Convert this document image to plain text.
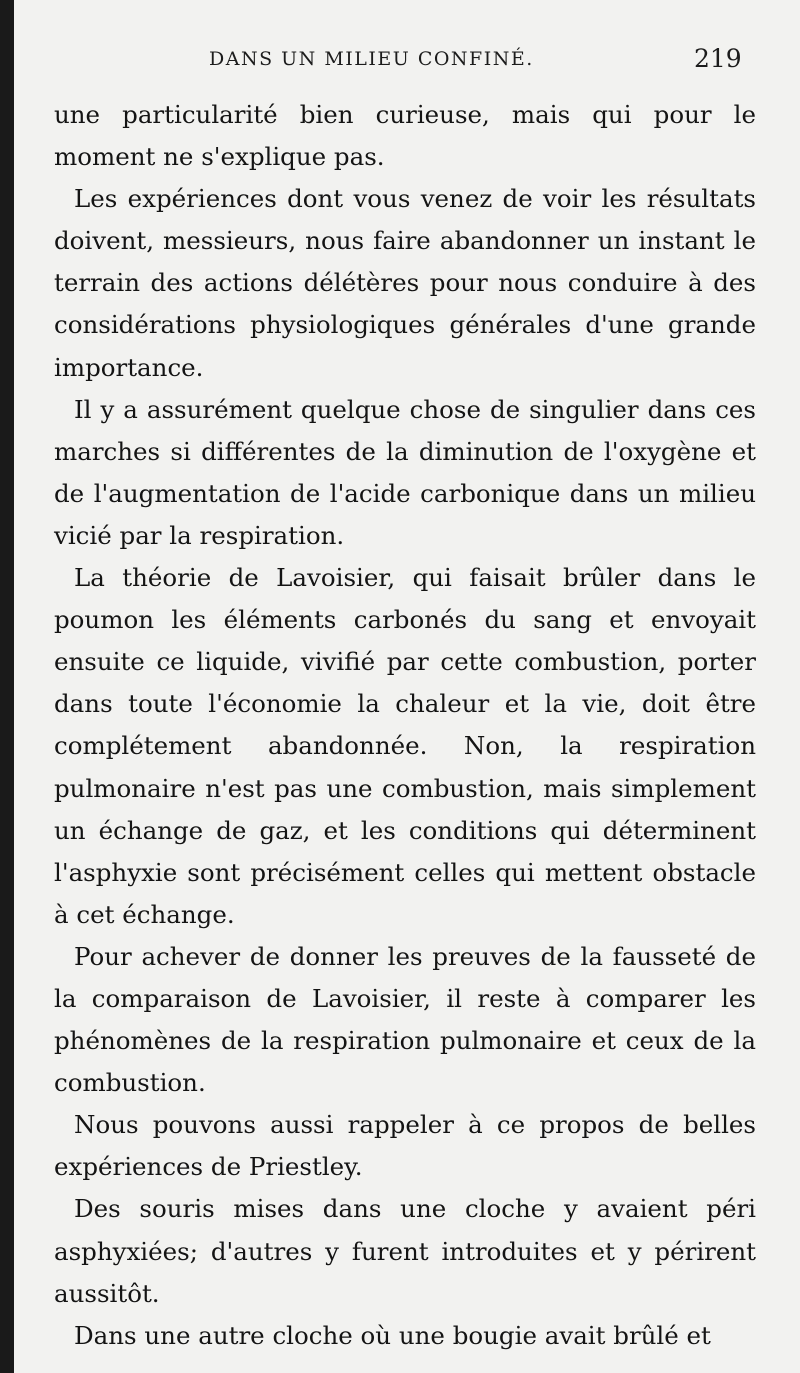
DANS UN MILIEU CONFINÉ.	219

une particularité bien curieuse, mais qui pour le moment ne s'explique pas.

Les expériences dont vous venez de voir les résultats doivent, messieurs, nous faire abandonner un instant le terrain des actions délétères pour nous conduire à des considérations physiologiques générales d'une grande importance.

Il y a assurément quelque chose de singulier dans ces marches si différentes de la diminution de l'oxygène et de l'augmentation de l'acide carbonique dans un milieu vicié par la respiration.

La théorie de Lavoisier, qui faisait brûler dans le poumon les éléments carbonés du sang et envoyait ensuite ce liquide, vivifié par cette combustion, porter dans toute l'économie la chaleur et la vie, doit être complétement abandonnée. Non, la respiration pulmonaire n'est pas une combustion, mais simplement un échange de gaz, et les conditions qui déterminent l'asphyxie sont précisément celles qui mettent obstacle à cet échange.

Pour achever de donner les preuves de la fausseté de la comparaison de Lavoisier, il reste à comparer les phénomènes de la respiration pulmonaire et ceux de la combustion.

Nous pouvons aussi rappeler à ce propos de belles expériences de Priestley.

Des souris mises dans une cloche y avaient péri asphyxiées; d'autres y furent introduites et y périrent aussitôt.

Dans une autre cloche où une bougie avait brûlé et
